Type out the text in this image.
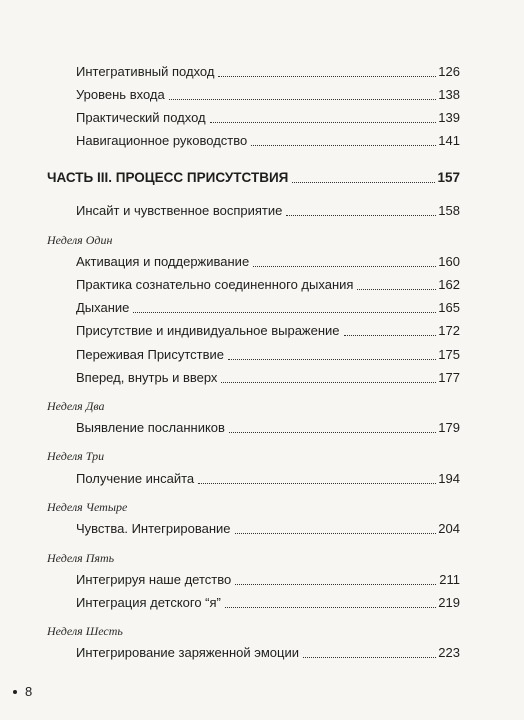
Интегративный подход	126
Уровень входа	138
Практический подход	139
Навигационное руководство	141
ЧАСТЬ III. ПРОЦЕСС ПРИСУТСТВИЯ	157
Инсайт и чувственное восприятие	158
Неделя Один
Активация и поддерживание	160
Практика сознательно соединенного дыхания	162
Дыхание	165
Присутствие и индивидуальное выражение	172
Переживая Присутствие	175
Вперед, внутрь и вверх	177
Неделя Два
Выявление посланников	179
Неделя Три
Получение инсайта	194
Неделя Четыре
Чувства. Интегрирование	204
Неделя Пять
Интегрируя наше детство	211
Интеграция детского “я”	219
Неделя Шесть
Интегрирование заряженной эмоции	223
8
